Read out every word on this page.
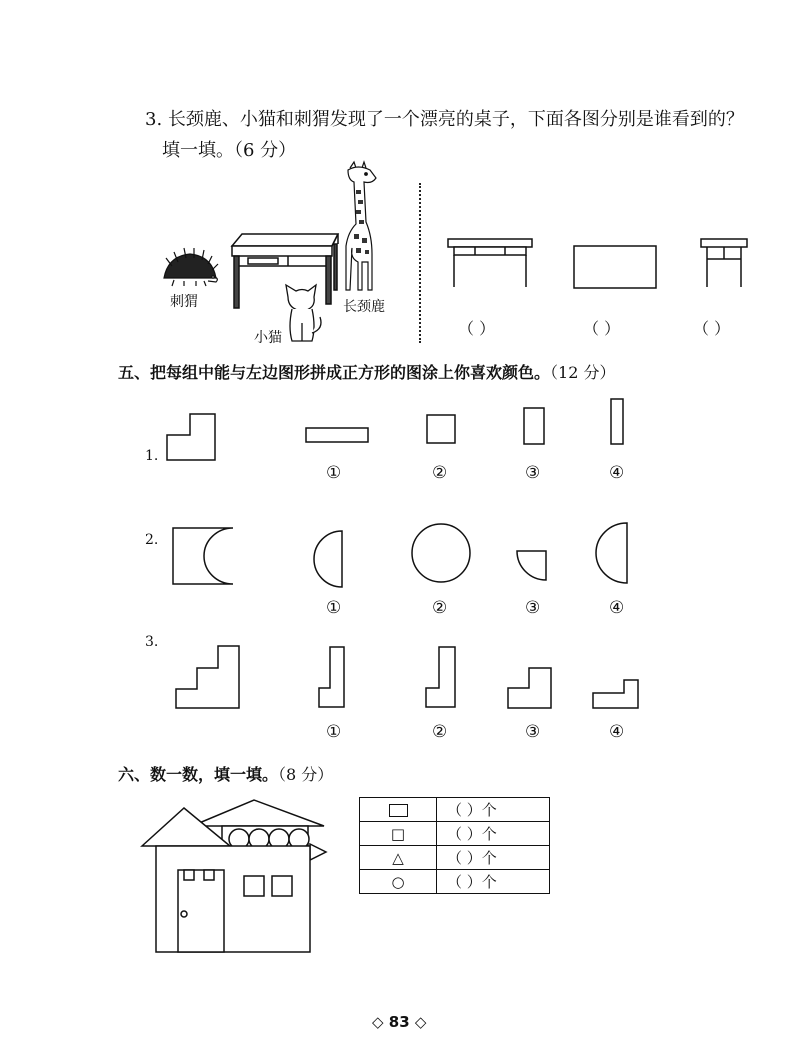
3. 长颈鹿、小猫和刺猬发现了一个漂亮的桌子，下面各图分别是谁看到的？
填一填。（6 分）
刺猬
小猫
长颈鹿
（ ）	（ ）	（ ）
五、把每组中能与左边图形拼成正方形的图涂上你喜欢颜色。（12 分）
1.
①	②	③	④
2.
①	②	③	④
3.
①	②	③	④
六、数一数，填一填。（8 分）
	（ ）个
□	（ ）个
△	（ ）个
○	（ ）个
◇ 83 ◇
